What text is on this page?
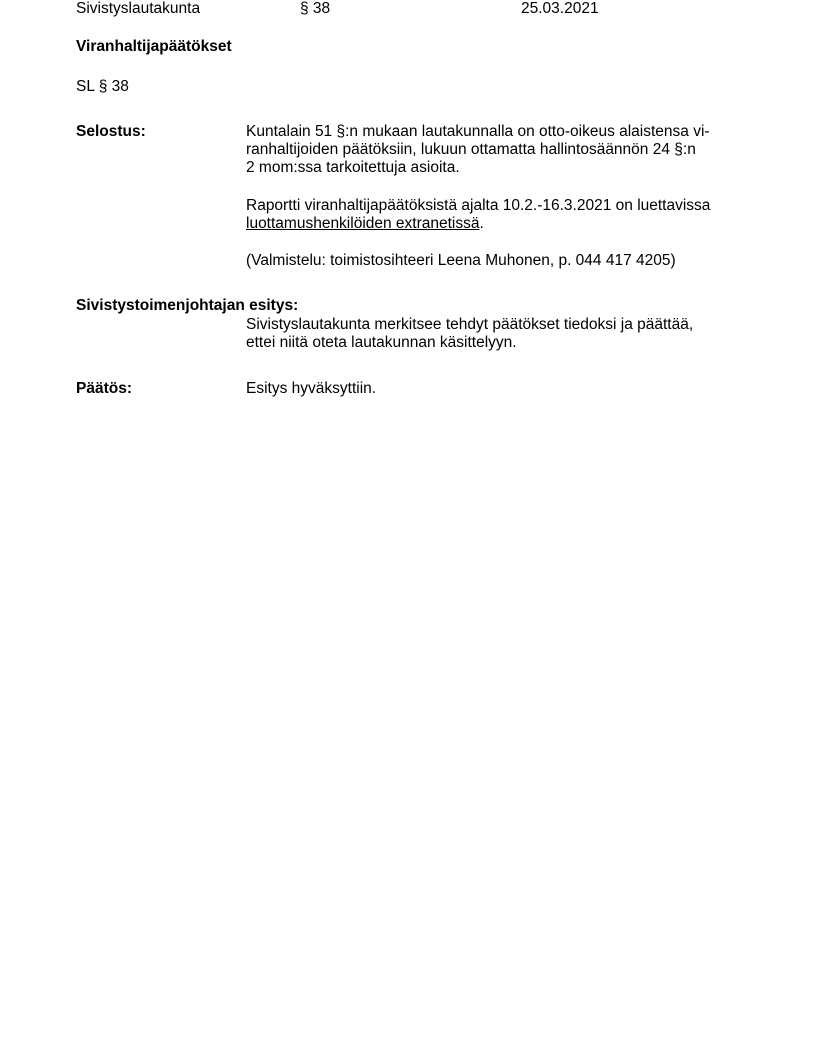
Sivistyslautakunta	§ 38	25.03.2021
Viranhaltijapäätökset
SL § 38
Selostus:	Kuntalain 51 §:n mukaan lautakunnalla on otto-oikeus alaistensa vi-
ranhaltijoiden päätöksiin, lukuun ottamatta hallintosäännön 24 §:n
2 mom:ssa tarkoitettuja asioita.
Raportti viranhaltijapäätöksistä ajalta 10.2.-16.3.2021 on luettavissa
luottamushenkilöiden extranetissä.
(Valmistelu: toimistosihteeri Leena Muhonen, p. 044 417 4205)
Sivistystoimenjohtajan esitys:
Sivistyslautakunta merkitsee tehdyt päätökset tiedoksi ja päättää,
ettei niitä oteta lautakunnan käsittelyyn.
Päätös:	Esitys hyväksyttiin.
